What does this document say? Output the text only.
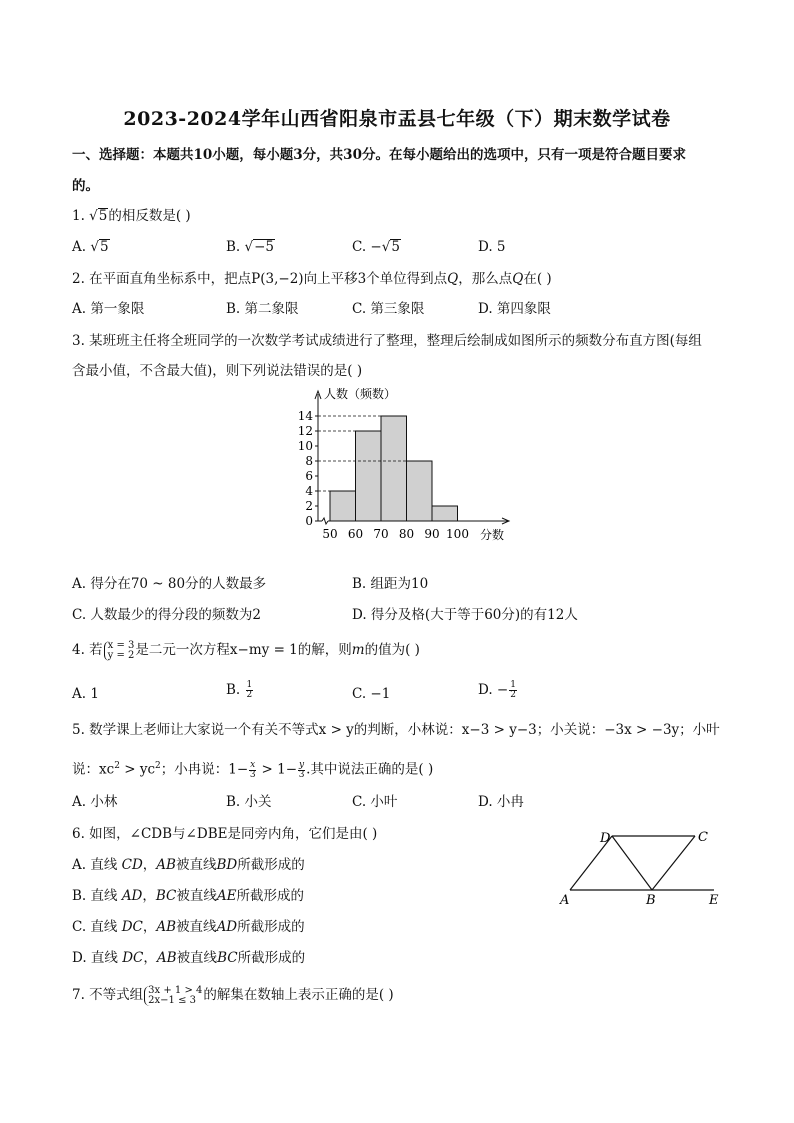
2023-2024学年山西省阳泉市盂县七年级（下）期末数学试卷
一、选择题：本题共10小题，每小题3分，共30分。在每小题给出的选项中，只有一项是符合题目要求
的。
1. √5的相反数是( )
A. √5	B. √−5	C. −√5	D. 5
2. 在平面直角坐标系中，把点P(3,−2)向上平移3个单位得到点Q，那么点Q在( )
A. 第一象限	B. 第二象限	C. 第三象限	D. 第四象限
3. 某班班主任将全班同学的一次数学考试成绩进行了整理，整理后绘制成如图所示的频数分布直方图(每组
含最小值，不含最大值)，则下列说法错误的是( )
0
2
4
6
8
10
12
14
50 60 70 80 90 100
人数（频数）
分数
A. 得分在70 ~ 80分的人数最多	B. 组距为10
C. 人数最少的得分段的频数为2	D. 得分及格(大于等于60分)的有12人
4. 若 x = 3
y = 2 是二元一次方程x−my = 1的解，则m的值为( )
A. 1	B. $\frac{1}{2}$	C. −1	D. − $\frac{1}{2}$
5. 数学课上老师让大家说一个有关不等式x > y的判断，小林说：x−3 > y−3；小关说：−3x > −3y；小叶
说：$xc^2 > yc^2$；小冉说：$1- \frac{x}{3} > 1- \frac{y}{3}$ .其中说法正确的是( )
A. 小林	B. 小关	C. 小叶	D. 小冉
6. 如图，∠CDB与∠DBE是同旁内角，它们是由( )
A. 直线 CD，AB被直线BD所截形成的
B. 直线 AD，BC被直线AE所截形成的
C. 直线 DC，AB被直线AD所截形成的
D. 直线 DC，AB被直线BC所截形成的
D	C
A	B	E
7. 不等式组 3x + 1 > 4
2x−1 ≤ 3 的解集在数轴上表示正确的是( )
